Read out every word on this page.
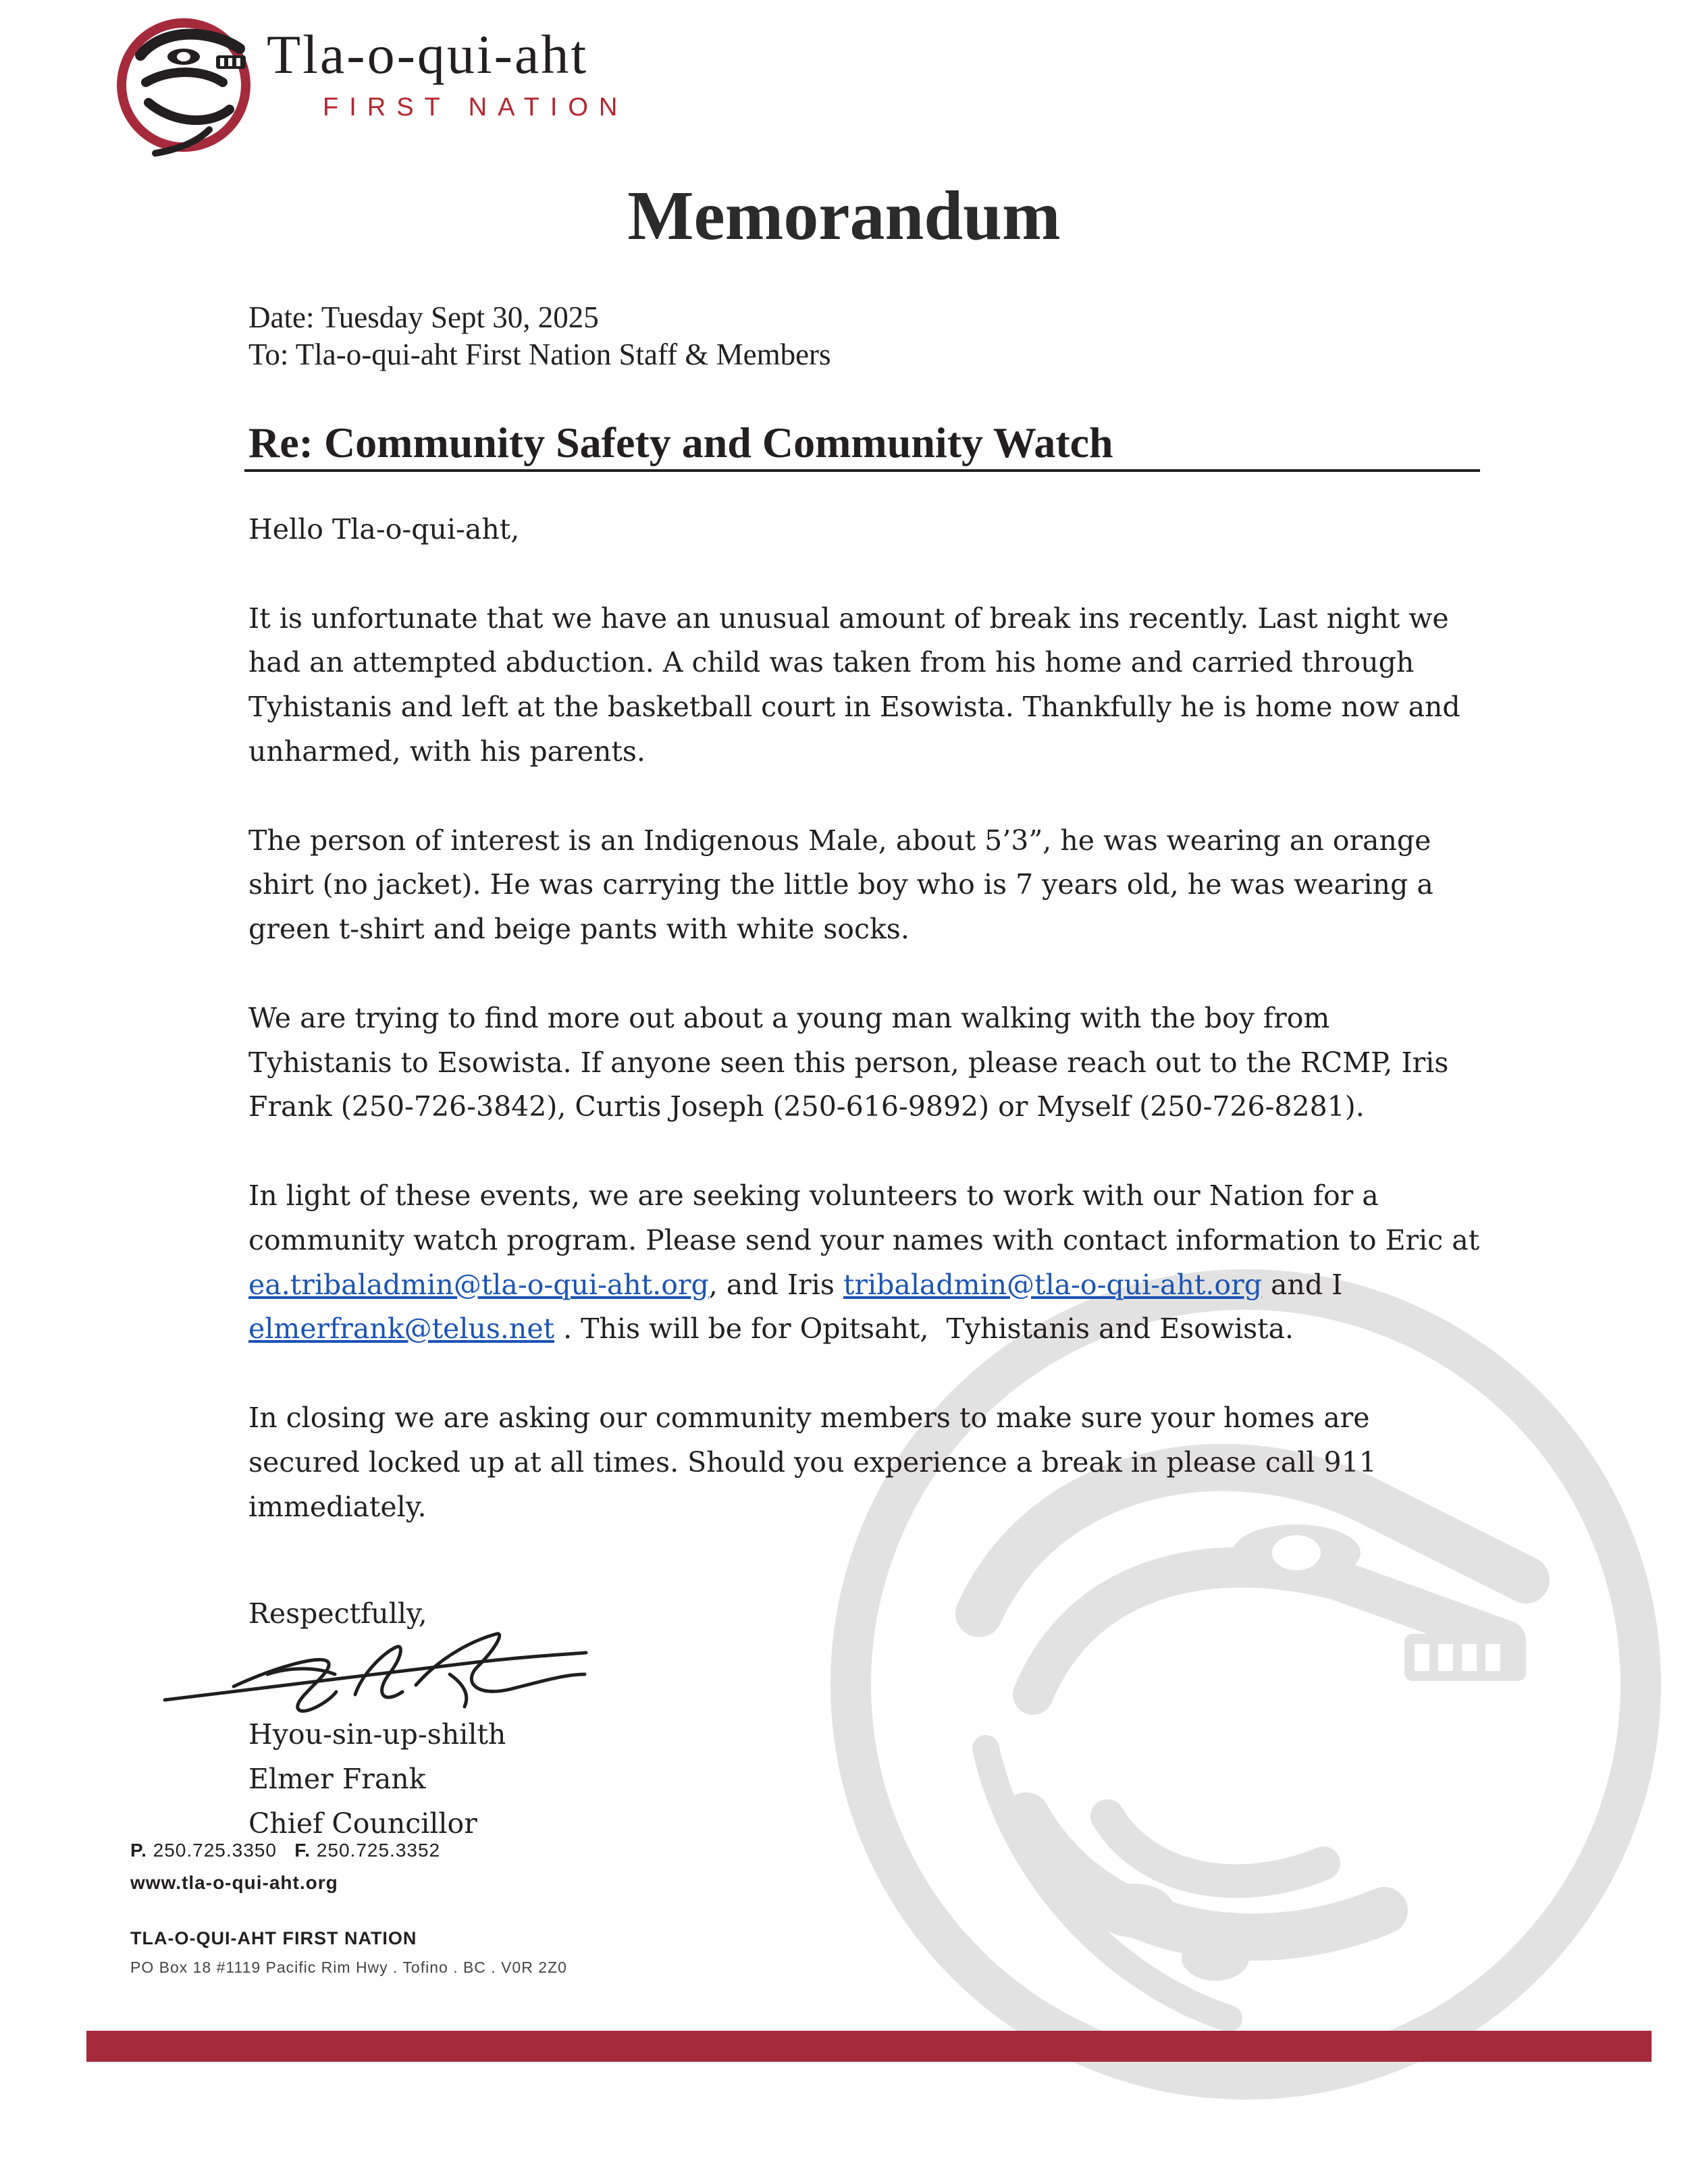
Tla-o-qui-aht
FIRST NATION
Memorandum
Date: Tuesday Sept 30, 2025
To: Tla-o-qui-aht First Nation Staff & Members
Re: Community Safety and Community Watch

Hello Tla-o-qui-aht,

It is unfortunate that we have an unusual amount of break ins recently. Last night we
had an attempted abduction. A child was taken from his home and carried through
Tyhistanis and left at the basketball court in Esowista. Thankfully he is home now and
unharmed, with his parents.

The person of interest is an Indigenous Male, about 5’3”, he was wearing an orange
shirt (no jacket). He was carrying the little boy who is 7 years old, he was wearing a
green t-shirt and beige pants with white socks.

We are trying to find more out about a young man walking with the boy from
Tyhistanis to Esowista. If anyone seen this person, please reach out to the RCMP, Iris
Frank (250-726-3842), Curtis Joseph (250-616-9892) or Myself (250-726-8281).

In light of these events, we are seeking volunteers to work with our Nation for a
community watch program. Please send your names with contact information to Eric at
ea.tribaladmin@tla-o-qui-aht.org, and Iris tribaladmin@tla-o-qui-aht.org and I
elmerfrank@telus.net . This will be for Opitsaht,  Tyhistanis and Esowista.

In closing we are asking our community members to make sure your homes are
secured locked up at all times. Should you experience a break in please call 911
immediately.

Respectfully,
Hyou-sin-up-shilth
Elmer Frank
Chief Councillor
P. 250.725.3350 F. 250.725.3352
www.tla-o-qui-aht.org
TLA-O-QUI-AHT FIRST NATION
PO Box 18 #1119 Pacific Rim Hwy . Tofino . BC . V0R 2Z0
